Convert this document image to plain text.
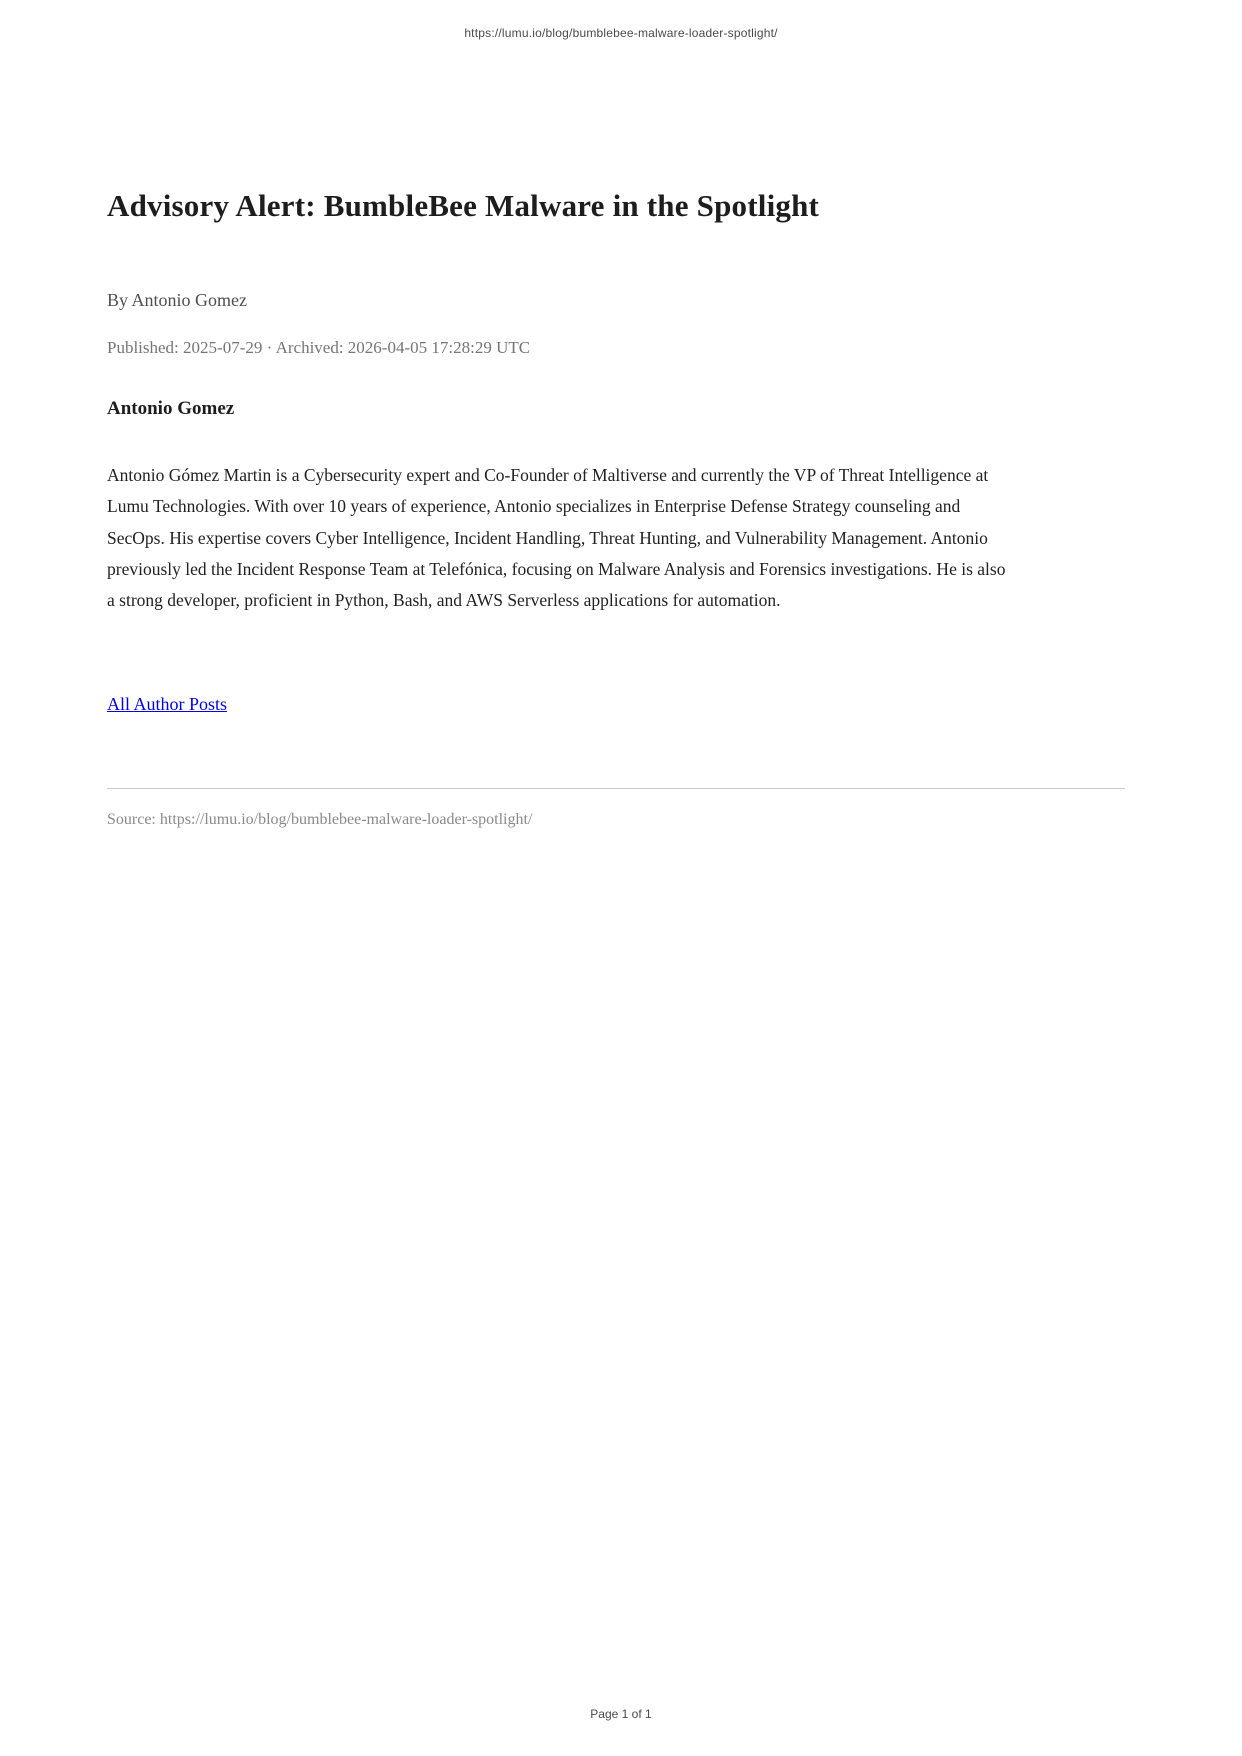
https://lumu.io/blog/bumblebee-malware-loader-spotlight/
Advisory Alert: BumbleBee Malware in the Spotlight
By Antonio Gomez
Published: 2025-07-29 · Archived: 2026-04-05 17:28:29 UTC
Antonio Gomez

Antonio Gómez Martin is a Cybersecurity expert and Co-Founder of Maltiverse and currently the VP of Threat Intelligence at Lumu Technologies. With over 10 years of experience, Antonio specializes in Enterprise Defense Strategy counseling and SecOps. His expertise covers Cyber Intelligence, Incident Handling, Threat Hunting, and Vulnerability Management. Antonio previously led the Incident Response Team at Telefónica, focusing on Malware Analysis and Forensics investigations. He is also a strong developer, proficient in Python, Bash, and AWS Serverless applications for automation.

All Author Posts
Source: https://lumu.io/blog/bumblebee-malware-loader-spotlight/
Page 1 of 1
